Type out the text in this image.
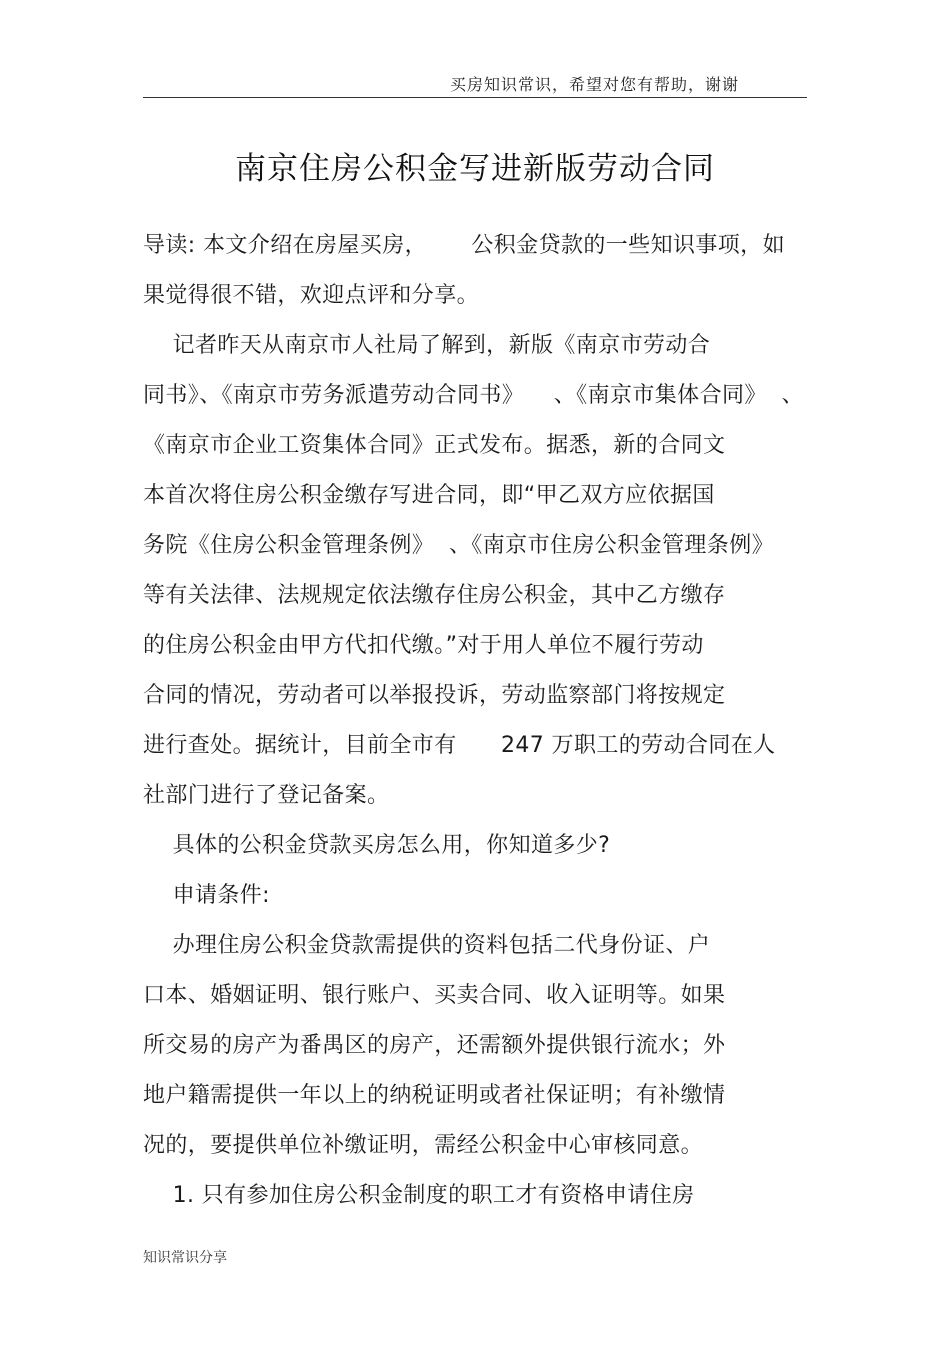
买房知识常识，希望对您有帮助，谢谢
南京住房公积金写进新版劳动合同
导读: 本文介绍在房屋买房，      公积金贷款的一些知识事项，如
果觉得很不错，欢迎点评和分享。
记者昨天从南京市人社局了解到，新版《南京市劳动合
同书》、《南京市劳务派遣劳动合同书》    、《南京市集体合同》  、
《南京市企业工资集体合同》正式发布。据悉，新的合同文
本首次将住房公积金缴存写进合同，即“甲乙双方应依据国
务院《住房公积金管理条例》  、《南京市住房公积金管理条例》
等有关法律、法规规定依法缴存住房公积金，其中乙方缴存
的住房公积金由甲方代扣代缴。”对于用人单位不履行劳动
合同的情况，劳动者可以举报投诉，劳动监察部门将按规定
进行查处。据统计，目前全市有      247 万职工的劳动合同在人
社部门进行了登记备案。
具体的公积金贷款买房怎么用，你知道多少?
申请条件:
办理住房公积金贷款需提供的资料包括二代身份证、户
口本、婚姻证明、银行账户、买卖合同、收入证明等。如果
所交易的房产为番禺区的房产，还需额外提供银行流水；外
地户籍需提供一年以上的纳税证明或者社保证明；有补缴情
况的，要提供单位补缴证明，需经公积金中心审核同意。
1. 只有参加住房公积金制度的职工才有资格申请住房
知识常识分享
